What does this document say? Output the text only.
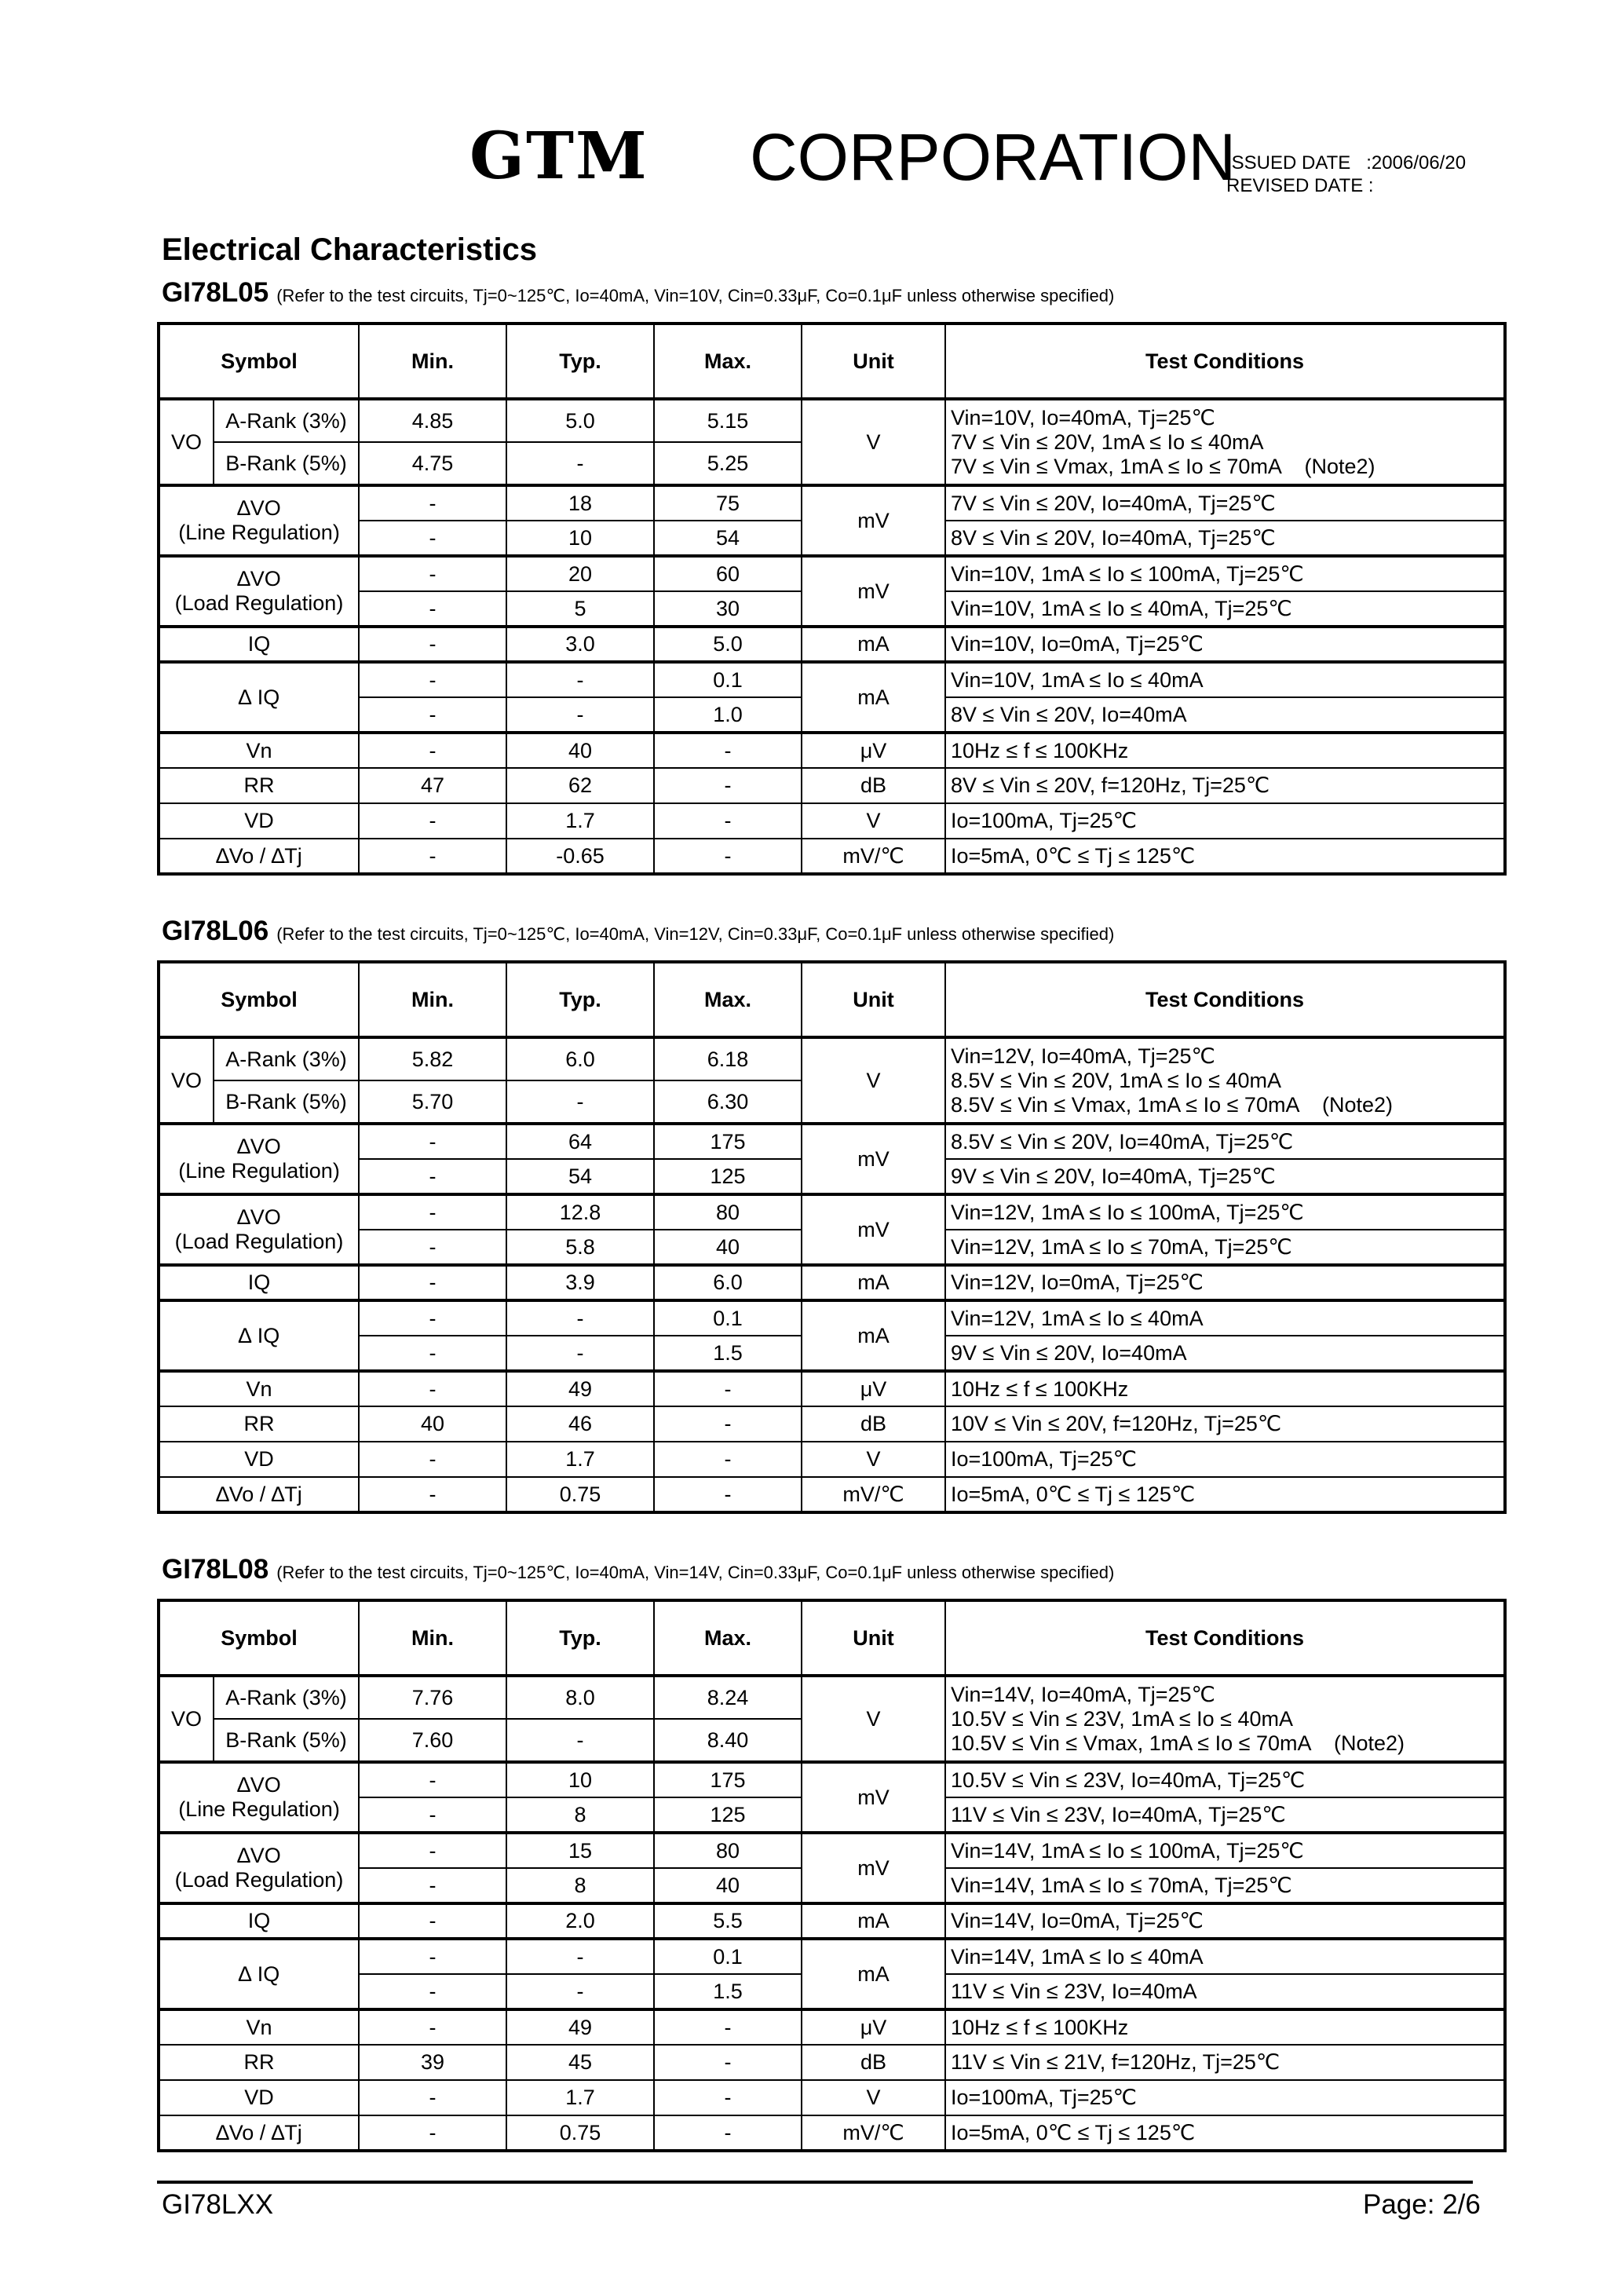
GTM CORPORATION
ISSUED DATE   :2006/06/20
REVISED DATE :
Electrical Characteristics
GI78L05 (Refer to the test circuits, Tj=0~125℃, Io=40mA, Vin=10V, Cin=0.33μF, Co=0.1μF unless otherwise specified)
Symbol		Min.	Typ.	Max.	Unit	Test Conditions
VO	A-Rank (3%)	4.85	5.0	5.15	V	Vin=10V, Io=40mA, Tj=25℃
7V ≤ Vin ≤ 20V, 1mA ≤ Io ≤ 40mA
7V ≤ Vin ≤ Vmax, 1mA ≤ Io ≤ 70mA    (Note2)

	B-Rank (5%)	4.75	-	5.25		

∆VO
(Line Regulation)		-	18	75	mV	7V ≤ Vin ≤ 20V, Io=40mA, Tj=25℃
		-	10	54		8V ≤ Vin ≤ 20V, Io=40mA, Tj=25℃

∆VO
(Load Regulation)		-	20	60	mV	Vin=10V, 1mA ≤ Io ≤ 100mA, Tj=25℃
		-	5	30		Vin=10V, 1mA ≤ Io ≤ 40mA, Tj=25℃
IQ		-	3.0	5.0	mA	Vin=10V, Io=0mA, Tj=25℃
∆ IQ		-	-	0.1	mA	Vin=10V, 1mA ≤ Io ≤ 40mA
		-	-	1.0		8V ≤ Vin ≤ 20V, Io=40mA
Vn		-	40	-	μV	10Hz ≤ f ≤ 100KHz
RR		47	62	-	dB	8V ≤ Vin ≤ 20V, f=120Hz, Tj=25℃
VD		-	1.7	-	V	Io=100mA, Tj=25℃
∆Vo / ∆Tj		-	-0.65	-	mV/℃	Io=5mA, 0℃ ≤ Tj ≤ 125℃
GI78L06 (Refer to the test circuits, Tj=0~125℃, Io=40mA, Vin=12V, Cin=0.33μF, Co=0.1μF unless otherwise specified)
Symbol		Min.	Typ.	Max.	Unit	Test Conditions
VO	A-Rank (3%)	5.82	6.0	6.18	V	Vin=12V, Io=40mA, Tj=25℃
8.5V ≤ Vin ≤ 20V, 1mA ≤ Io ≤ 40mA
8.5V ≤ Vin ≤ Vmax, 1mA ≤ Io ≤ 70mA    (Note2)

	B-Rank (5%)	5.70	-	6.30		

∆VO
(Line Regulation)		-	64	175	mV	8.5V ≤ Vin ≤ 20V, Io=40mA, Tj=25℃
		-	54	125		9V ≤ Vin ≤ 20V, Io=40mA, Tj=25℃

∆VO
(Load Regulation)		-	12.8	80	mV	Vin=12V, 1mA ≤ Io ≤ 100mA, Tj=25℃
		-	5.8	40		Vin=12V, 1mA ≤ Io ≤ 70mA, Tj=25℃
IQ		-	3.9	6.0	mA	Vin=12V, Io=0mA, Tj=25℃
∆ IQ		-	-	0.1	mA	Vin=12V, 1mA ≤ Io ≤ 40mA
		-	-	1.5		9V ≤ Vin ≤ 20V, Io=40mA
Vn		-	49	-	μV	10Hz ≤ f ≤ 100KHz
RR		40	46	-	dB	10V ≤ Vin ≤ 20V, f=120Hz, Tj=25℃
VD		-	1.7	-	V	Io=100mA, Tj=25℃
∆Vo / ∆Tj		-	0.75	-	mV/℃	Io=5mA, 0℃ ≤ Tj ≤ 125℃
GI78L08 (Refer to the test circuits, Tj=0~125℃, Io=40mA, Vin=14V, Cin=0.33μF, Co=0.1μF unless otherwise specified)
Symbol		Min.	Typ.	Max.	Unit	Test Conditions
VO	A-Rank (3%)	7.76	8.0	8.24	V	Vin=14V, Io=40mA, Tj=25℃
10.5V ≤ Vin ≤ 23V, 1mA ≤ Io ≤ 40mA
10.5V ≤ Vin ≤ Vmax, 1mA ≤ Io ≤ 70mA    (Note2)

	B-Rank (5%)	7.60	-	8.40		

∆VO
(Line Regulation)		-	10	175	mV	10.5V ≤ Vin ≤ 23V, Io=40mA, Tj=25℃
		-	8	125		11V ≤ Vin ≤ 23V, Io=40mA, Tj=25℃

∆VO
(Load Regulation)		-	15	80	mV	Vin=14V, 1mA ≤ Io ≤ 100mA, Tj=25℃
		-	8	40		Vin=14V, 1mA ≤ Io ≤ 70mA, Tj=25℃
IQ		-	2.0	5.5	mA	Vin=14V, Io=0mA, Tj=25℃
∆ IQ		-	-	0.1	mA	Vin=14V, 1mA ≤ Io ≤ 40mA
		-	-	1.5		11V ≤ Vin ≤ 23V, Io=40mA
Vn		-	49	-	μV	10Hz ≤ f ≤ 100KHz
RR		39	45	-	dB	11V ≤ Vin ≤ 21V, f=120Hz, Tj=25℃
VD		-	1.7	-	V	Io=100mA, Tj=25℃
∆Vo / ∆Tj		-	0.75	-	mV/℃	Io=5mA, 0℃ ≤ Tj ≤ 125℃
GI78LXX	Page: 2/6
